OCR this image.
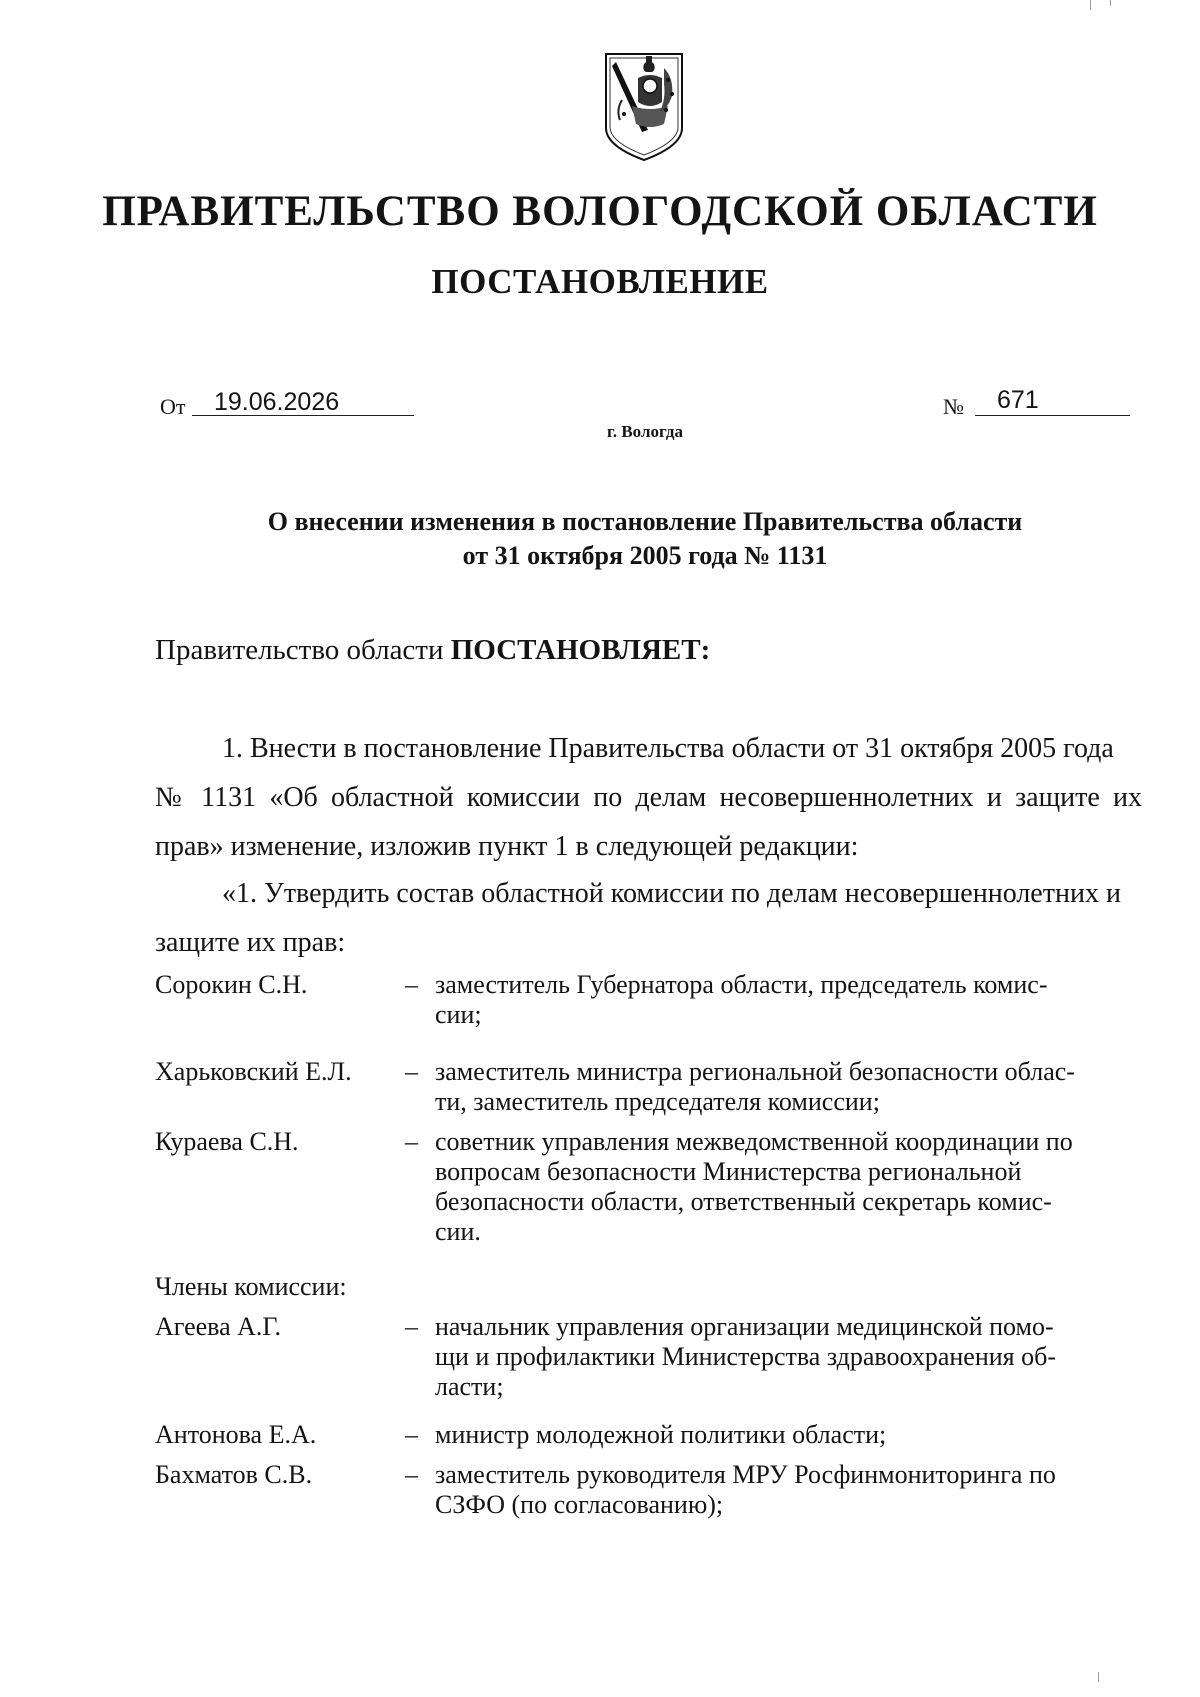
ПРАВИТЕЛЬСТВО ВОЛОГОДСКОЙ ОБЛАСТИ
ПОСТАНОВЛЕНИЕ
От	19.06.2026	№	671

г. Вологда

О внесении изменения в постановление Правительства области
от 31 октября 2005 года № 1131

Правительство области ПОСТАНОВЛЯЕТ:

1. Внести в постановление Правительства области от 31 октября 2005 года
№ 1131 «Об областной комиссии по делам несовершеннолетних и защите их
прав» изменение, изложив пункт 1 в следующей редакции:

«1. Утвердить состав областной комиссии по делам несовершеннолетних и
защите их прав:

Сорокин С.Н.	– заместитель Губернатора области, председатель комис-
сии;
Харьковский Е.Л. – заместитель министра региональной безопасности облас-
ти, заместитель председателя комиссии;
Кураева С.Н.	– советник управления межведомственной координации по
вопросам безопасности Министерства региональной
безопасности области, ответственный секретарь комис-
сии.
Члены комиссии:
Агеева А.Г.	– начальник управления организации медицинской помо-
щи и профилактики Министерства здравоохранения об-
ласти;
Антонова Е.А.	– министр молодежной политики области;
Бахматов С.В.	– заместитель руководителя МРУ Росфинмониторинга по
СЗФО (по согласованию);
